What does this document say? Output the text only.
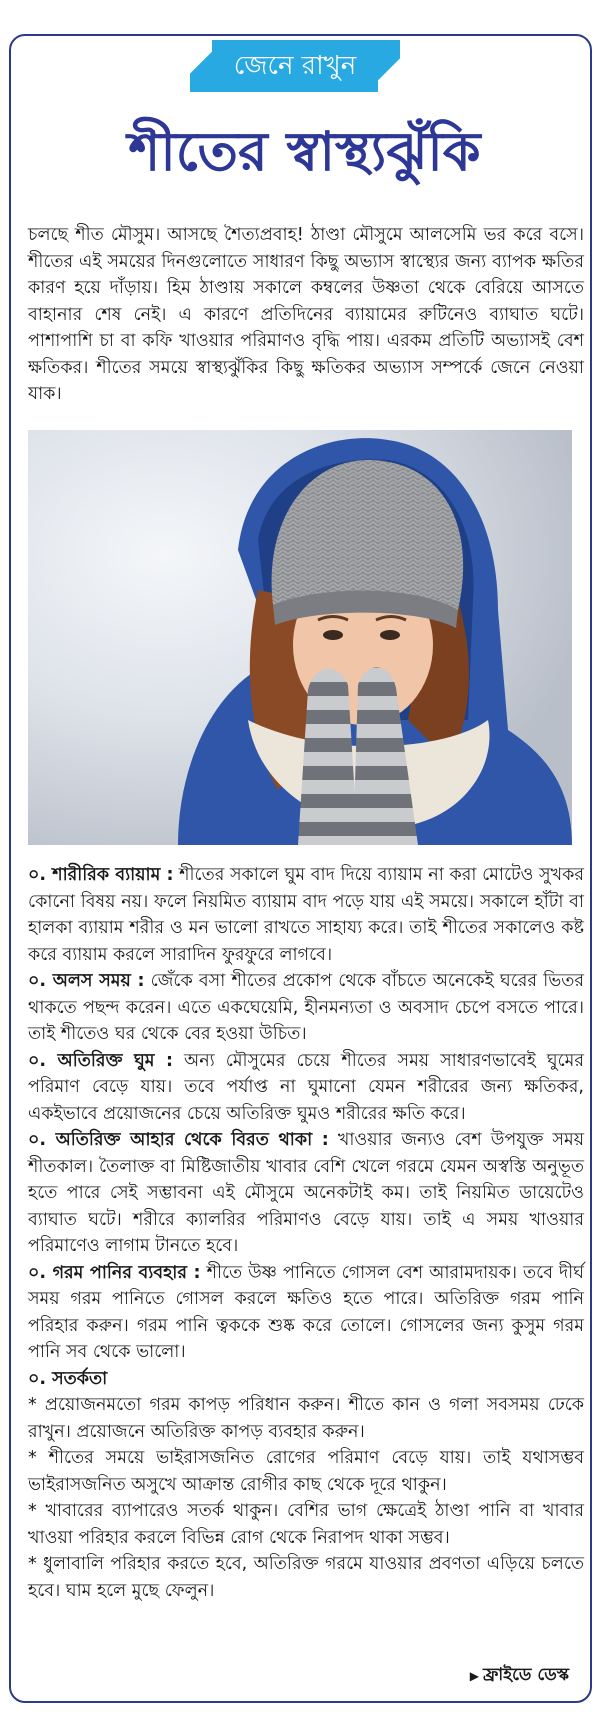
জেনে রাখুন
শীতের স্বাস্থ্যঝুঁকি

চলছে শীত মৌসুম। আসছে শৈত্যপ্রবাহ! ঠাণ্ডা মৌসুমে আলসেমি ভর করে বসে। শীতের এই সময়ের দিনগুলোতে সাধারণ কিছু অভ্যাস স্বাস্থ্যের জন্য ব্যাপক ক্ষতির কারণ হয়ে দাঁড়ায়। হিম ঠাণ্ডায় সকালে কম্বলের উষ্ণতা থেকে বেরিয়ে আসতে বাহানার শেষ নেই। এ কারণে প্রতিদিনের ব্যায়ামের রুটিনেও ব্যাঘাত ঘটে। পাশাপাশি চা বা কফি খাওয়ার পরিমাণও বৃদ্ধি পায়। এরকম প্রতিটি অভ্যাসই বেশ ক্ষতিকর। শীতের সময়ে স্বাস্থ্যঝুঁকির কিছু ক্ষতিকর অভ্যাস সম্পর্কে জেনে নেওয়া যাক।

০. শারীরিক ব্যায়াম : শীতের সকালে ঘুম বাদ দিয়ে ব্যায়াম না করা মোটেও সুখকর কোনো বিষয় নয়। ফলে নিয়মিত ব্যায়াম বাদ পড়ে যায় এই সময়ে। সকালে হাঁটা বা হালকা ব্যায়াম শরীর ও মন ভালো রাখতে সাহায্য করে। তাই শীতের সকালেও কষ্ট করে ব্যায়াম করলে সারাদিন ফুরফুরে লাগবে।

০. অলস সময় : জেঁকে বসা শীতের প্রকোপ থেকে বাঁচতে অনেকেই ঘরের ভিতর থাকতে পছন্দ করেন। এতে একঘেয়েমি, হীনমন্যতা ও অবসাদ চেপে বসতে পারে। তাই শীতেও ঘর থেকে বের হওয়া উচিত।

০. অতিরিক্ত ঘুম : অন্য মৌসুমের চেয়ে শীতের সময় সাধারণভাবেই ঘুমের পরিমাণ বেড়ে যায়। তবে পর্যাপ্ত না ঘুমানো যেমন শরীরের জন্য ক্ষতিকর, একইভাবে প্রয়োজনের চেয়ে অতিরিক্ত ঘুমও শরীরের ক্ষতি করে।

০. অতিরিক্ত আহার থেকে বিরত থাকা : খাওয়ার জন্যও বেশ উপযুক্ত সময় শীতকাল। তৈলাক্ত বা মিষ্টিজাতীয় খাবার বেশি খেলে গরমে যেমন অস্বস্তি অনুভূত হতে পারে সেই সম্ভাবনা এই মৌসুমে অনেকটাই কম। তাই নিয়মিত ডায়েটেও ব্যাঘাত ঘটে। শরীরে ক্যালরির পরিমাণও বেড়ে যায়। তাই এ সময় খাওয়ার পরিমাণেও লাগাম টানতে হবে।

০. গরম পানির ব্যবহার : শীতে উষ্ণ পানিতে গোসল বেশ আরামদায়ক। তবে দীর্ঘ সময় গরম পানিতে গোসল করলে ক্ষতিও হতে পারে। অতিরিক্ত গরম পানি পরিহার করুন। গরম পানি ত্বককে শুষ্ক করে তোলে। গোসলের জন্য কুসুম গরম পানি সব থেকে ভালো।

০. সতর্কতা

* প্রয়োজনমতো গরম কাপড় পরিধান করুন। শীতে কান ও গলা সবসময় ঢেকে রাখুন। প্রয়োজনে অতিরিক্ত কাপড় ব্যবহার করুন।

* শীতের সময়ে ভাইরাসজনিত রোগের পরিমাণ বেড়ে যায়। তাই যথাসম্ভব ভাইরাসজনিত অসুখে আক্রান্ত রোগীর কাছ থেকে দূরে থাকুন।

* খাবারের ব্যাপারেও সতর্ক থাকুন। বেশির ভাগ ক্ষেত্রেই ঠাণ্ডা পানি বা খাবার খাওয়া পরিহার করলে বিভিন্ন রোগ থেকে নিরাপদ থাকা সম্ভব।

* ধুলাবালি পরিহার করতে হবে, অতিরিক্ত গরমে যাওয়ার প্রবণতা এড়িয়ে চলতে হবে। ঘাম হলে মুছে ফেলুন।

▶ ফ্রাইডে ডেস্ক
